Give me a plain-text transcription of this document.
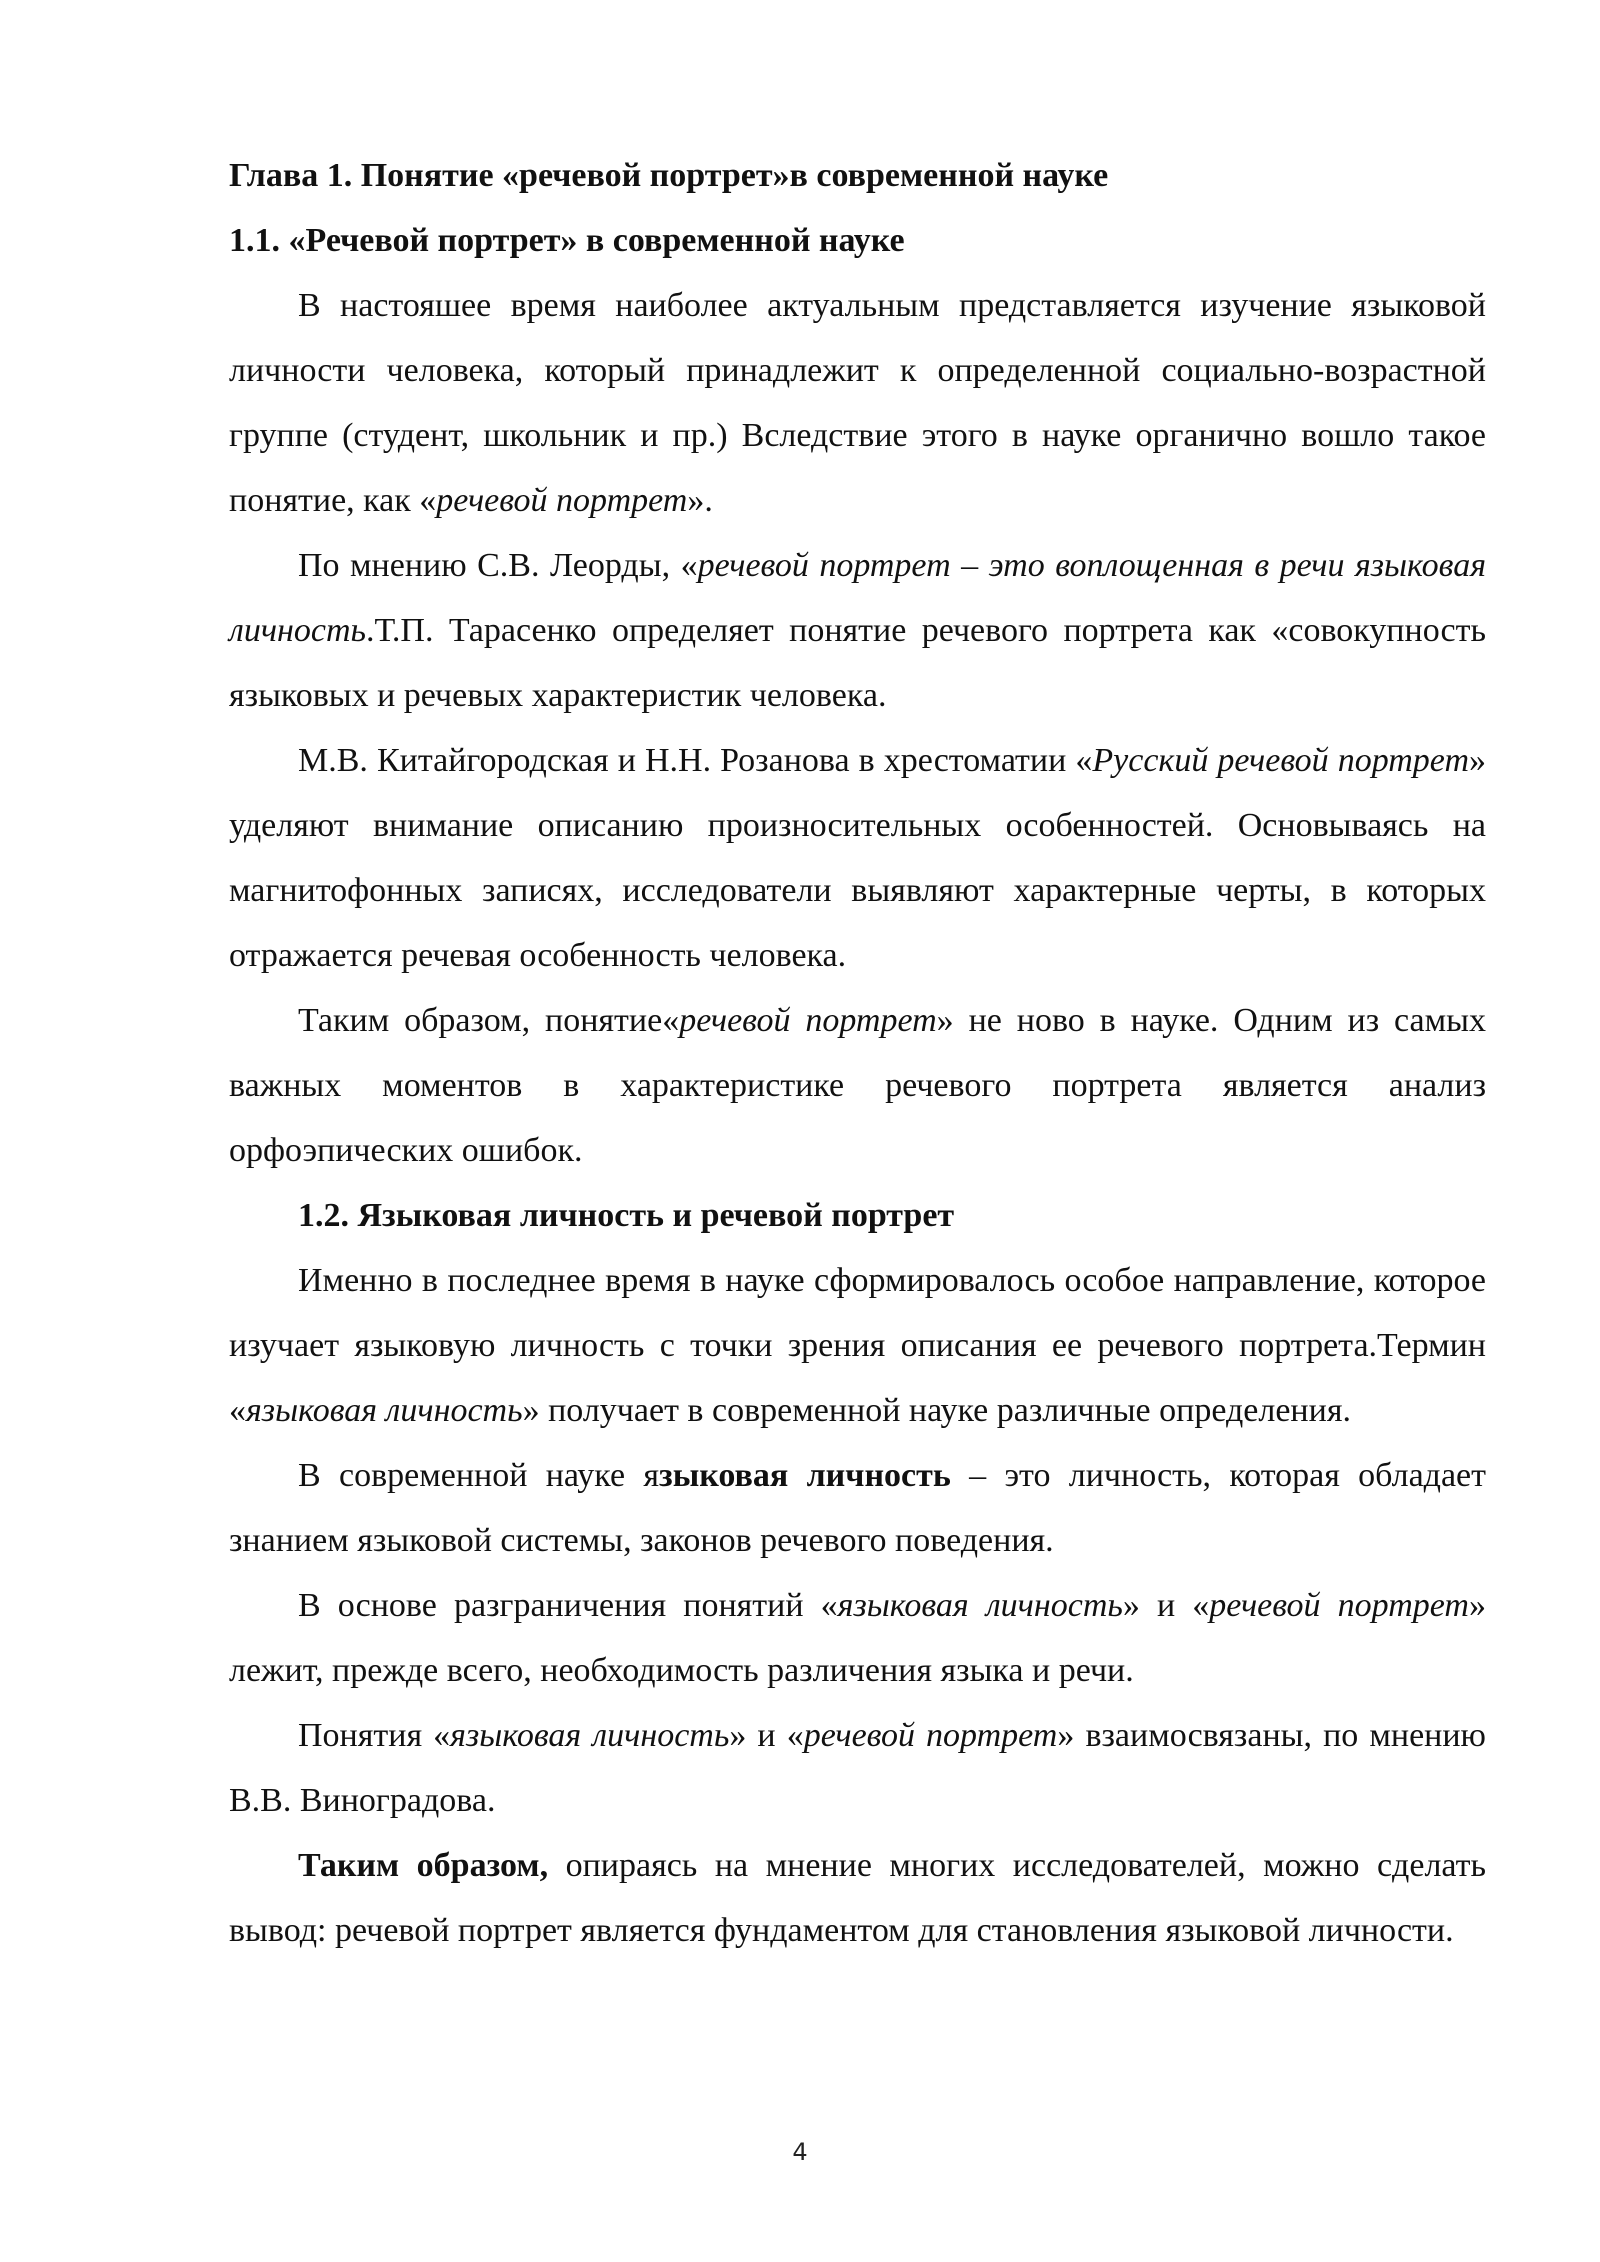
Глава 1. Понятие «речевой портрет»в современной науке

1.1. «Речевой портрет» в современной науке

В настояшее время наиболее актуальным представляется изучение языковой личности человека, который принадлежит к определенной социально-возрастной группе (студент, школьник и пр.) Вследствие этого в науке органично вошло такое понятие, как «речевой портрет».

По мнению С.В. Леорды, «речевой портрет – это воплощенная в речи языковая личность.Т.П. Тарасенко определяет понятие речевого портрета как «совокупность языковых и речевых характеристик человека.

М.В. Китайгородская и Н.Н. Розанова в хрестоматии «Русский речевой портрет» уделяют внимание описанию произносительных особенностей. Основываясь на магнитофонных записях, исследователи выявляют характерные черты, в которых отражается речевая особенность человека.

Таким образом, понятие«речевой портрет» не ново в науке. Одним из самых важных моментов в характеристике речевого портрета является анализ орфоэпических ошибок.

1.2. Языковая личность и речевой портрет

Именно в последнее время в науке сформировалось особое направление, которое изучает языковую личность с точки зрения описания ее речевого портрета.Термин «языковая личность» получает в современной науке различные определения.

В современной науке языковая личность – это личность, которая обладает знанием языковой системы, законов речевого поведения.

В основе разграничения понятий «языковая личность» и «речевой портрет» лежит, прежде всего, необходимость различения языка и речи.

Понятия «языковая личность» и «речевой портрет» взаимосвязаны, по мнению В.В. Виноградова.

Таким образом, опираясь на мнение многих исследователей, можно сделать вывод: речевой портрет является фундаментом для становления языковой личности.

4
